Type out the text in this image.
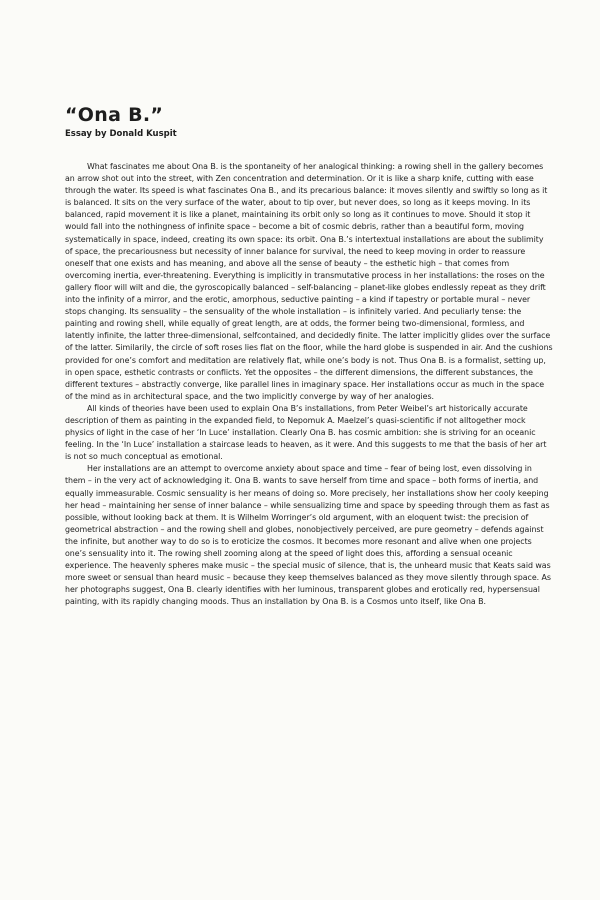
“Ona B.”
Essay by Donald Kuspit

What fascinates me about Ona B. is the spontaneity of her analogical thinking: a rowing shell in the gallery becomes an arrow shot out into the street, with Zen concentration and determination. Or it is like a sharp knife, cutting with ease through the water. Its speed is what fascinates Ona B., and its precarious balance: it moves silently and swiftly so long as it is balanced. It sits on the very surface of the water, about to tip over, but never does, so long as it keeps moving. In its balanced, rapid movement it is like a planet, maintaining its orbit only so long as it continues to move. Should it stop it would fall into the nothingness of infinite space – become a bit of cosmic debris, rather than a beautiful form, moving systematically in space, indeed, creating its own space: its orbit. Ona B.’s intertextual installations are about the sublimity of space, the precariousness but necessity of inner balance for survival, the need to keep moving in order to reassure oneself that one exists and has meaning, and above all the sense of beauty – the esthetic high – that comes from overcoming inertia, ever-threatening. Everything is implicitly in transmutative process in her installations: the roses on the gallery floor will wilt and die, the gyroscopically balanced – self-balancing – planet-like globes endlessly repeat as they drift into the infinity of a mirror, and the erotic, amorphous, seductive painting – a kind if tapestry or portable mural – never stops changing. Its sensuality – the sensuality of the whole installation – is infinitely varied. And peculiarly tense: the painting and rowing shell, while equally of great length, are at odds, the former being two-dimensional, formless, and latently infinite, the latter three-dimensional, selfcontained, and decidedly finite. The latter implicitly glides over the surface of the latter. Similarily, the circle of soft roses lies flat on the floor, while the hard globe is suspended in air. And the cushions provided for one’s comfort and meditation are relatively flat, while one’s body is not. Thus Ona B. is a formalist, setting up, in open space, esthetic contrasts or conflicts. Yet the opposites – the different dimensions, the different substances, the different textures – abstractly converge, like parallel lines in imaginary space. Her installations occur as much in the space of the mind as in architectural space, and the two implicitly converge by way of her analogies.

All kinds of theories have been used to explain Ona B’s installations, from Peter Weibel’s art historically accurate description of them as painting in the expanded field, to Nepomuk A. Maelzel’s quasi-scientific if not alltogether mock physics of light in the case of her ‘In Luce’ installation. Clearly Ona B. has cosmic ambition: she is striving for an oceanic feeling. In the ‘In Luce’ installation a staircase leads to heaven, as it were. And this suggests to me that the basis of her art is not so much conceptual as emotional.

Her installations are an attempt to overcome anxiety about space and time – fear of being lost, even dissolving in them – in the very act of acknowledging it. Ona B. wants to save herself from time and space – both forms of inertia, and equally immeasurable. Cosmic sensuality is her means of doing so. More precisely, her installations show her cooly keeping her head – maintaining her sense of inner balance – while sensualizing time and space by speeding through them as fast as possible, without looking back at them. It is Wilhelm Worringer’s old argument, with an eloquent twist: the precision of geometrical abstraction – and the rowing shell and globes, nonobjectively perceived, are pure geometry – defends against the infinite, but another way to do so is to eroticize the cosmos. It becomes more resonant and alive when one projects one’s sensuality into it. The rowing shell zooming along at the speed of light does this, affording a sensual oceanic experience. The heavenly spheres make music – the special music of silence, that is, the unheard music that Keats said was more sweet or sensual than heard music – because they keep themselves balanced as they move silently through space. As her photographs suggest, Ona B. clearly identifies with her luminous, transparent globes and erotically red, hypersensual painting, with its rapidly changing moods. Thus an installation by Ona B. is a Cosmos unto itself, like Ona B.
